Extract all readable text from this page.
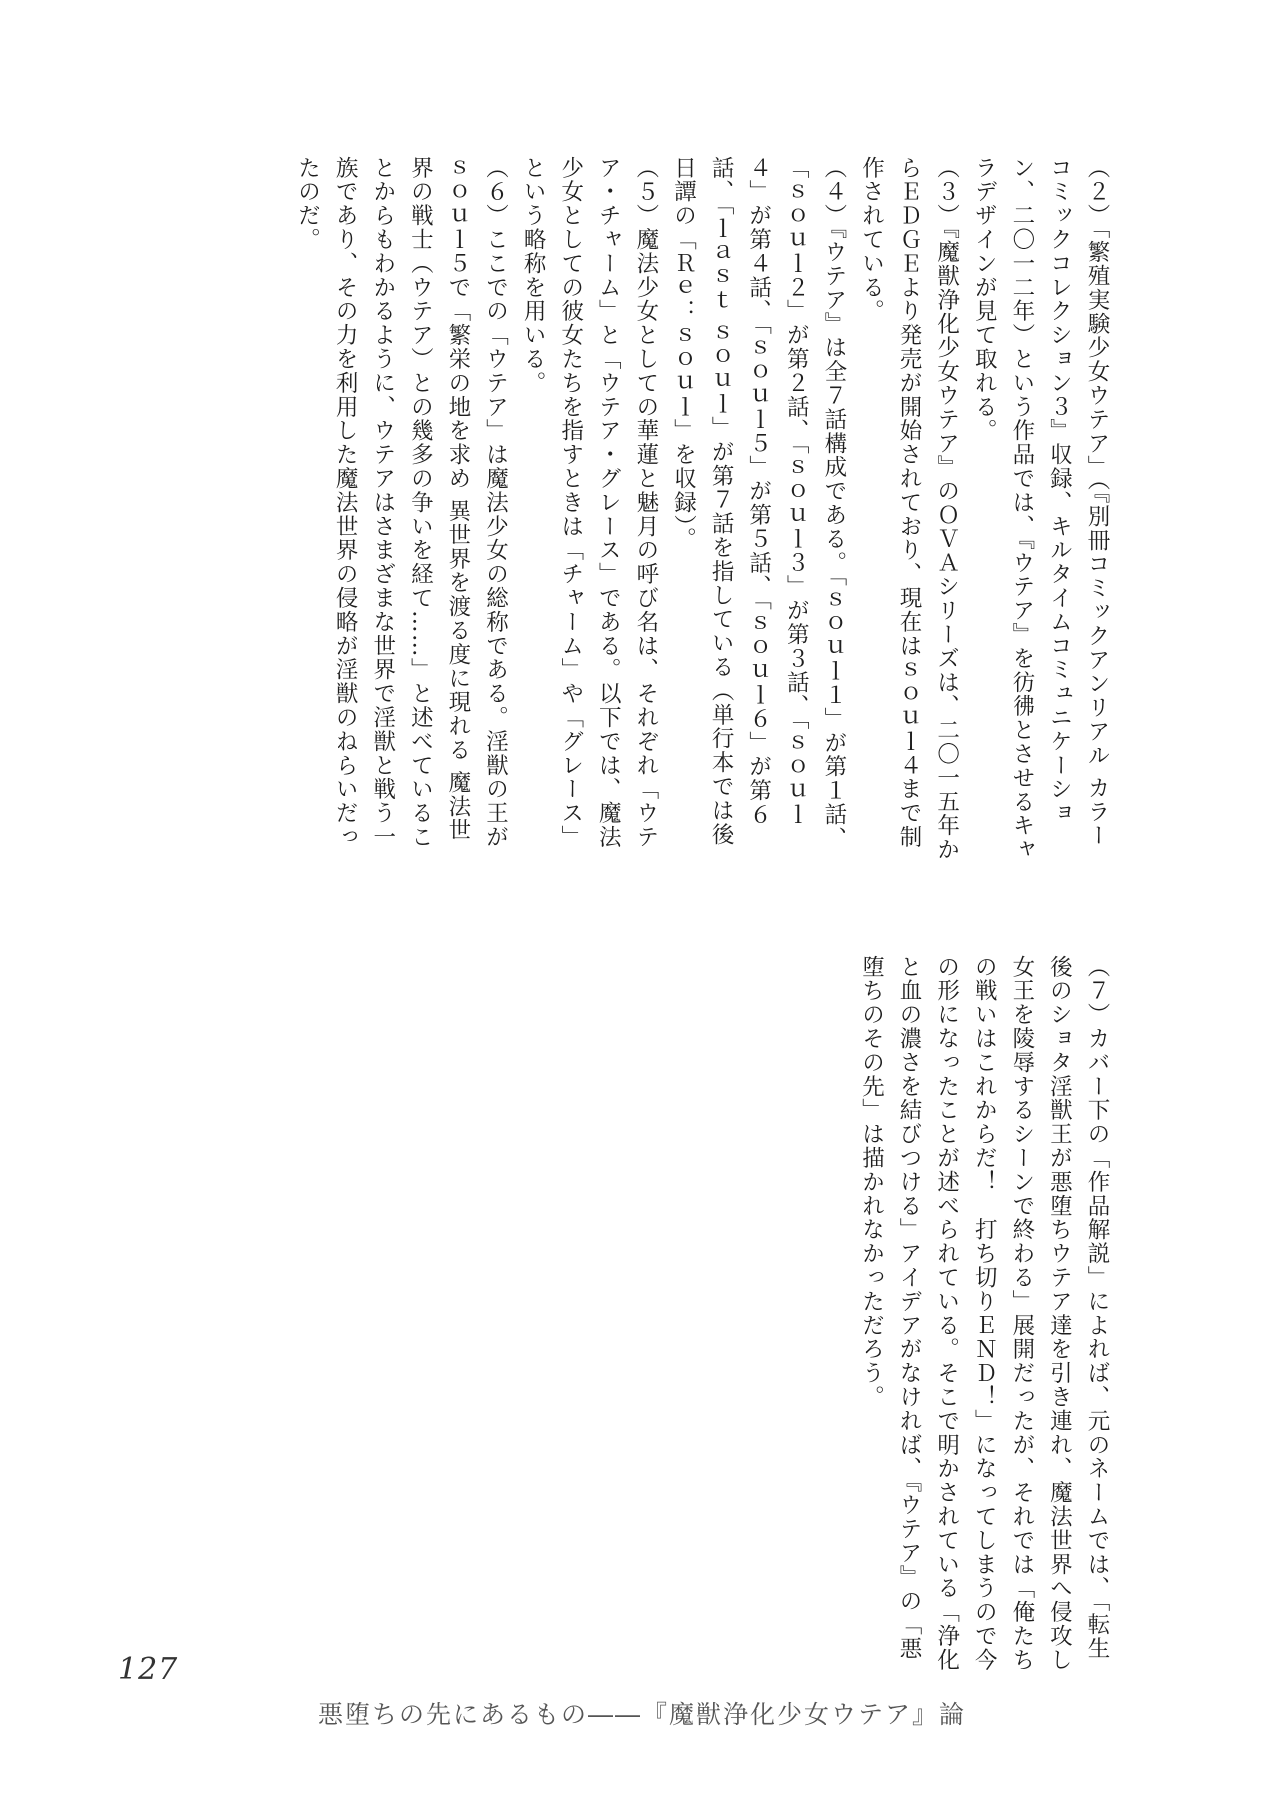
（２）「繁殖実験少女ウテア」（『別冊コミックアンリアル カラーコミックコレクション３』収録、キルタイムコミュニケーション、二〇一二年）という作品では、『ウテア』を彷彿とさせるキャラデザインが見て取れる。

（３）『魔獣浄化少女ウテア』のＯＶＡシリーズは、二〇一五年からＥＤＧＥより発売が開始されており、現在はｓｏｕｌ４まで制作されている。

（４）『ウテア』は全７話構成である。「ｓｏｕｌ１」が第１話、「ｓｏｕｌ２」が第２話、「ｓｏｕｌ３」が第３話、「ｓｏｕｌ４」が第４話、「ｓｏｕｌ５」が第５話、「ｓｏｕｌ６」が第６話、「ｌａｓｔ ｓｏｕｌ」が第７話を指している（単行本では後日譚の「Ｒｅ：ｓｏｕｌ」を収録）。

（５）魔法少女としての華蓮と魅月の呼び名は、それぞれ「ウテア・チャーム」と「ウテア・グレース」である。以下では、魔法少女としての彼女たちを指すときは「チャーム」や「グレース」という略称を用いる。

（６）ここでの「ウテア」は魔法少女の総称である。淫獣の王がｓｏｕｌ５で「繁栄の地を求め 異世界を渡る度に現れる 魔法世界の戦士（ウテア）との幾多の争いを経て……」と述べていることからもわかるように、ウテアはさまざまな世界で淫獣と戦う一族であり、その力を利用した魔法世界の侵略が淫獣のねらいだったのだ。

（７）カバー下の「作品解説」によれば、元のネームでは、「転生後のショタ淫獣王が悪堕ちウテア達を引き連れ、魔法世界へ侵攻し女王を陵辱するシーンで終わる」展開だったが、それでは「俺たちの戦いはこれからだ！　打ち切りＥＮＤ！」になってしまうので今の形になったことが述べられている。そこで明かされている「浄化と血の濃さを結びつける」アイデアがなければ、『ウテア』の「悪堕ちのその先」は描かれなかっただろう。

127
悪堕ちの先にあるもの――『魔獣浄化少女ウテア』論
